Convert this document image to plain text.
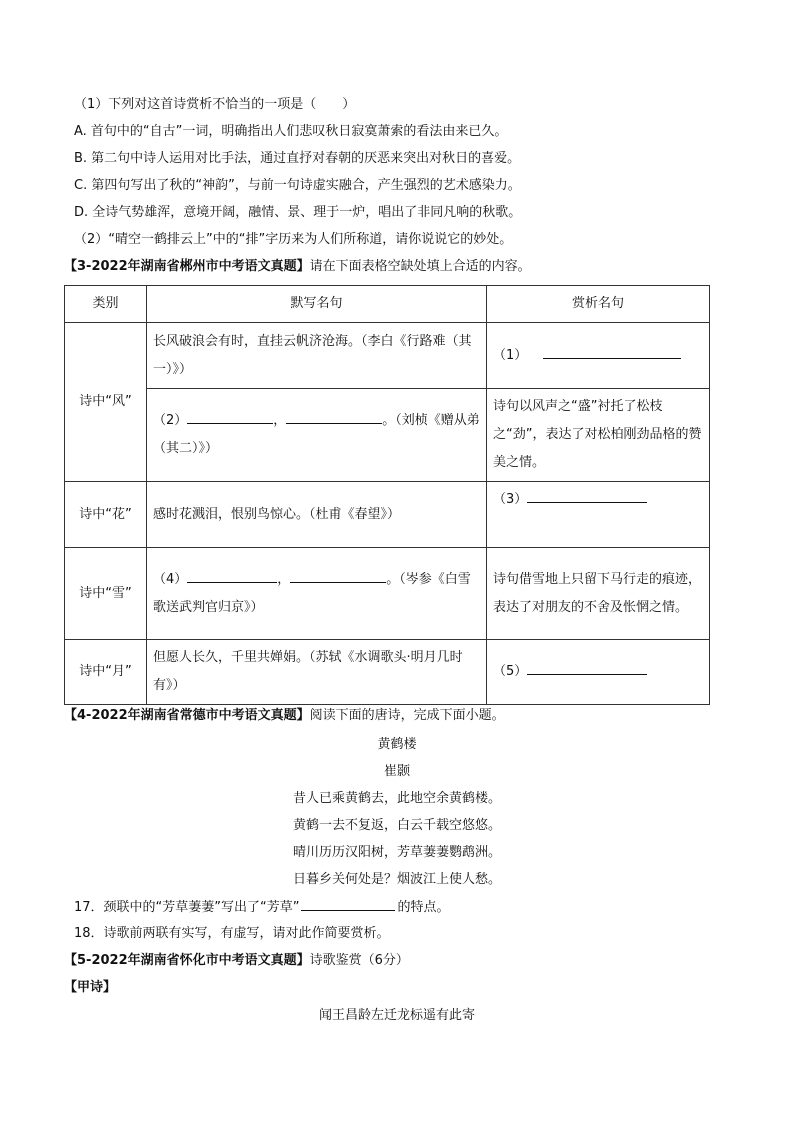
（1）下列对这首诗赏析不恰当的一项是（　　）
A. 首句中的“自古”一词，明确指出人们悲叹秋日寂寞萧索的看法由来已久。
B. 第二句中诗人运用对比手法，通过直抒对春朝的厌恶来突出对秋日的喜爱。
C. 第四句写出了秋的“神韵”，与前一句诗虚实融合，产生强烈的艺术感染力。
D. 全诗气势雄浑，意境开阔，融情、景、理于一炉，唱出了非同凡响的秋歌。
（2）“晴空一鹤排云上”中的“排”字历来为人们所称道，请你说说它的妙处。
【3-2022年湖南省郴州市中考语文真题】请在下面表格空缺处填上合适的内容。
类别	默写名句	赏析名句
诗中“风”	长风破浪会有时，直挂云帆济沧海。（李白《行路难（其一）》）	（1）
	（2） ， 。（刘桢《赠从弟（其二）》）	诗句以风声之“盛”衬托了松枝之“劲”，表达了对松柏刚劲品格的赞美之情。
诗中“花”	感时花溅泪，恨别鸟惊心。（杜甫《春望》）	（3）
诗中“雪”	（4） ， 。（岑参《白雪歌送武判官归京》）	诗句借雪地上只留下马行走的痕迹，表达了对朋友的不舍及怅惘之情。
诗中“月”	但愿人长久，千里共婵娟。（苏轼《水调歌头·明月几时有》）	（5）
【4-2022年湖南省常德市中考语文真题】阅读下面的唐诗，完成下面小题。
黄鹤楼
崔颢
昔人已乘黄鹤去，此地空余黄鹤楼。
黄鹤一去不复返，白云千载空悠悠。
晴川历历汉阳树，芳草萋萋鹦鹉洲。
日暮乡关何处是？烟波江上使人愁。
17．颈联中的“芳草萋萋”写出了“芳草”	的特点。
18．诗歌前两联有实写，有虚写，请对此作简要赏析。
【5-2022年湖南省怀化市中考语文真题】诗歌鉴赏（6分）
【甲诗】
闻王昌龄左迁龙标遥有此寄
